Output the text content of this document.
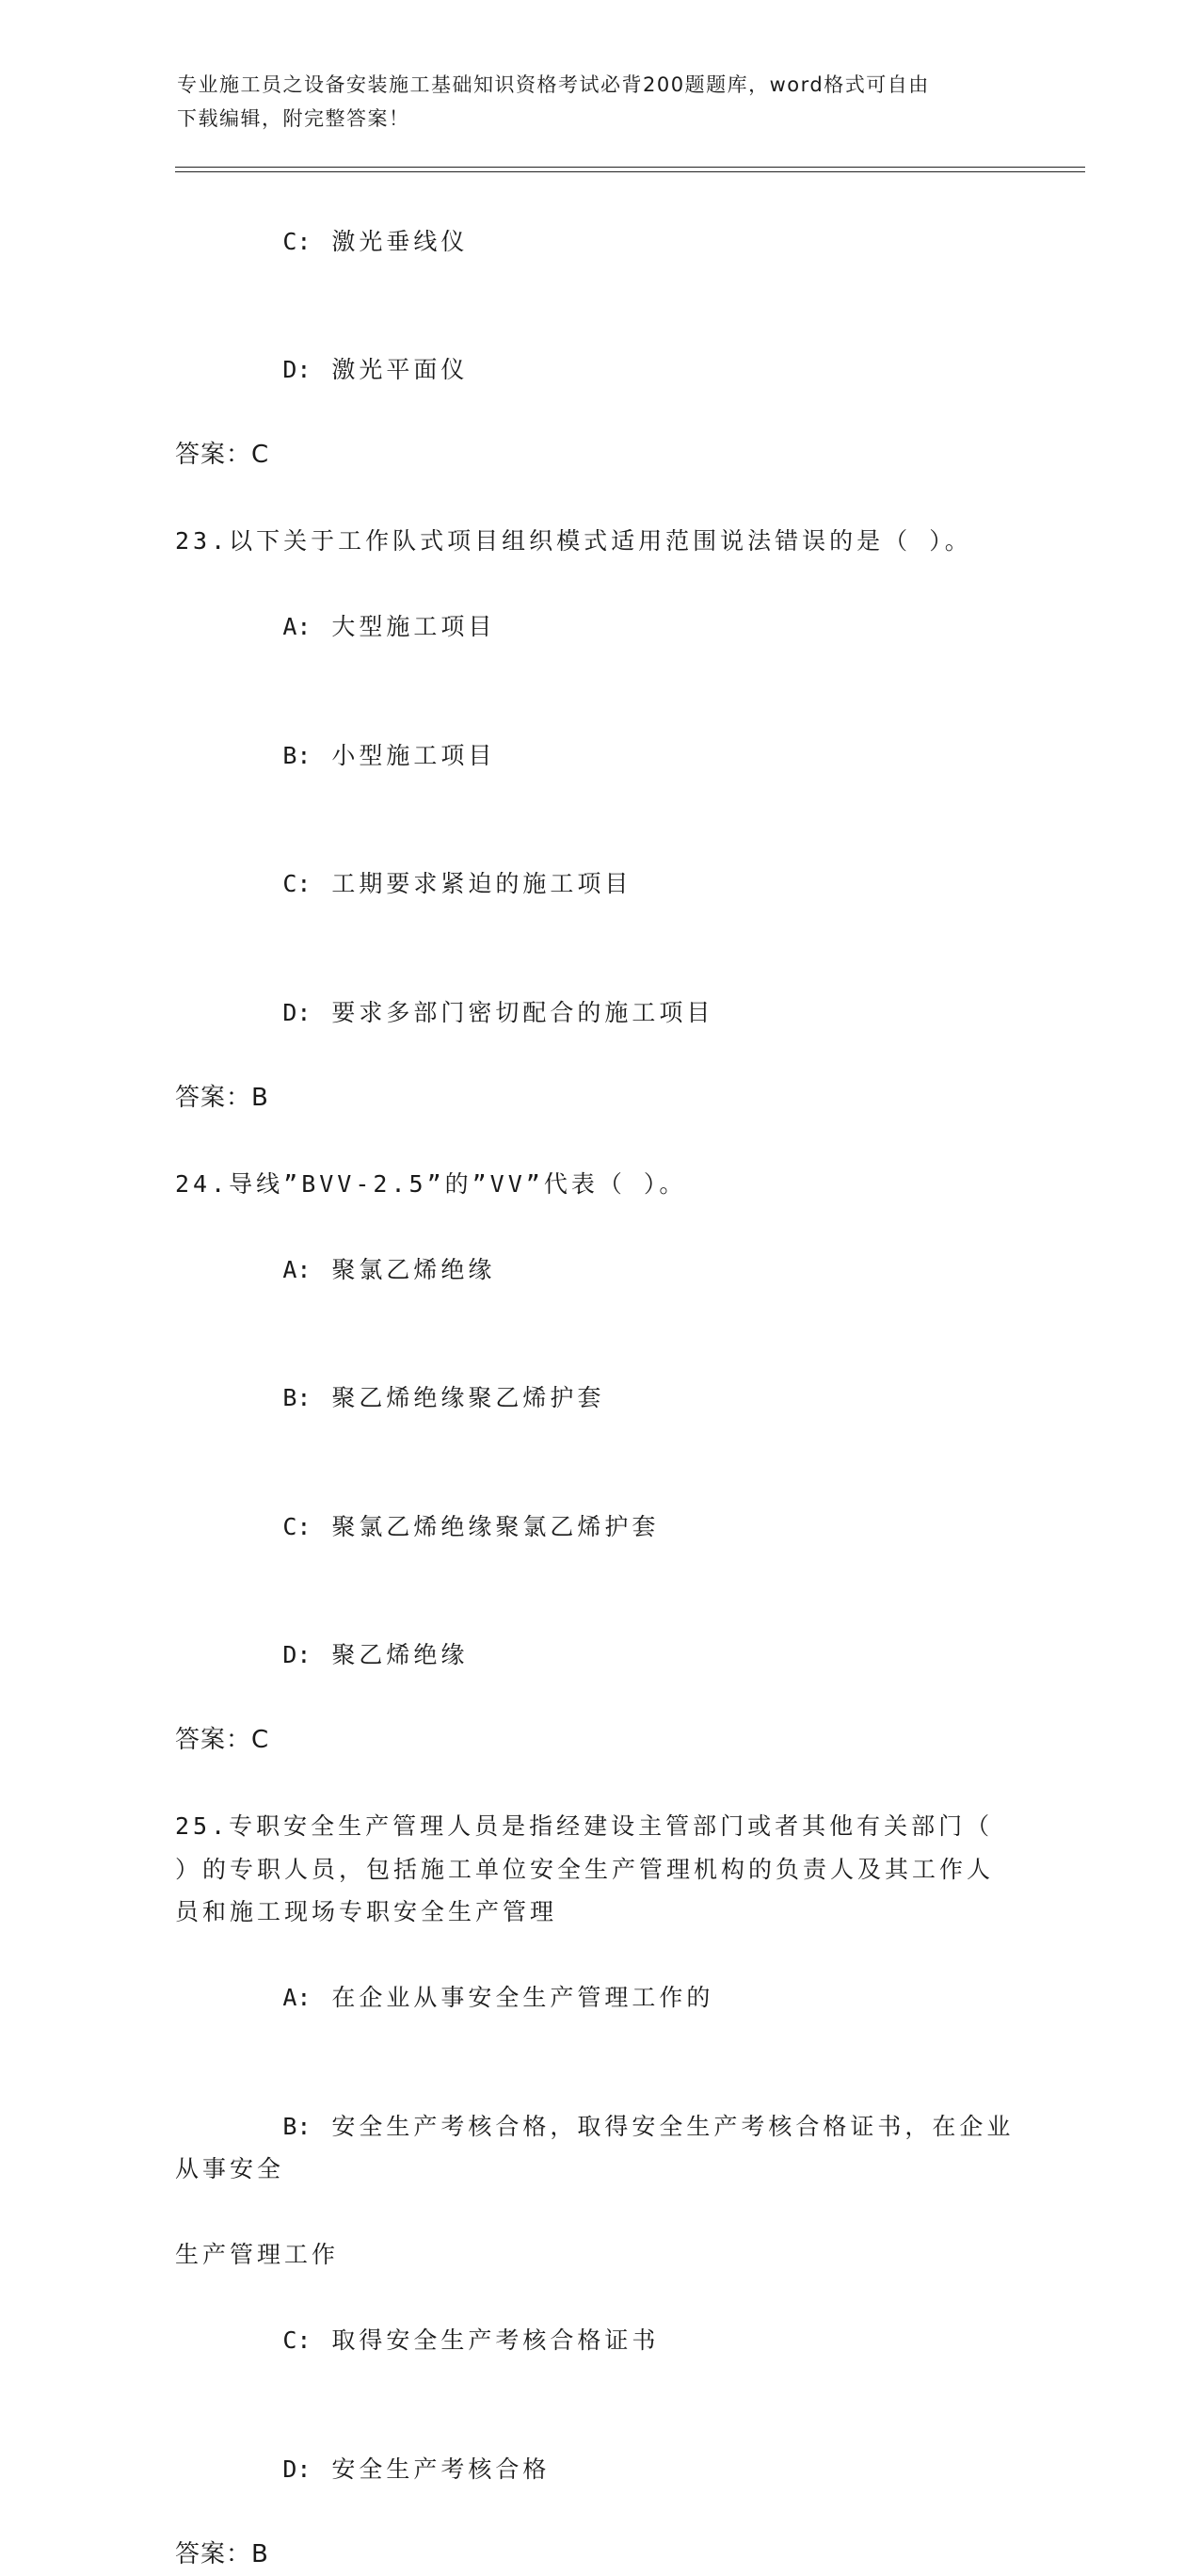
专业施工员之设备安装施工基础知识资格考试必背200题题库，word格式可自由
下载编辑，附完整答案！

C: 激光垂线仪

D: 激光平面仪

答案：C
23.以下关于工作队式项目组织模式适用范围说法错误的是（ ）。

A: 大型施工项目

B: 小型施工项目

C: 工期要求紧迫的施工项目

D: 要求多部门密切配合的施工项目

答案：B
24.导线”BVV-2.5”的”VV”代表（ ）。

A: 聚氯乙烯绝缘

B: 聚乙烯绝缘聚乙烯护套

C: 聚氯乙烯绝缘聚氯乙烯护套

D: 聚乙烯绝缘

答案：C
25.专职安全生产管理人员是指经建设主管部门或者其他有关部门（
）的专职人员，包括施工单位安全生产管理机构的负责人及其工作人
员和施工现场专职安全生产管理

A: 在企业从事安全生产管理工作的

B: 安全生产考核合格，取得安全生产考核合格证书，在企业从事安全

生产管理工作

C: 取得安全生产考核合格证书

D: 安全生产考核合格

答案：B
